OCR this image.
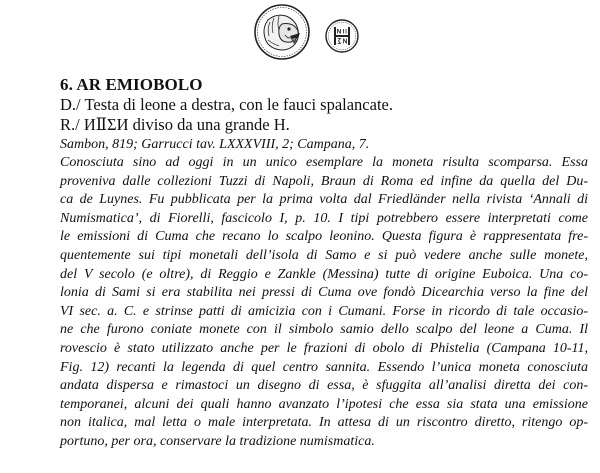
6. AR EMIOBOLO

D./ Testa di leone a destra, con le fauci spalancate.

R./ ИⅡΣИ diviso da una grande H.

Sambon, 819; Garrucci tav. LXXXVIII, 2; Campana, 7.

Conosciuta sino ad oggi in un unico esemplare la moneta risulta scomparsa. Essa

proveniva dalle collezioni Tuzzi di Napoli, Braun di Roma ed infine da quella del Du-

ca de Luynes. Fu pubblicata per la prima volta dal Friedländer nella rivista ‘Annali di

Numismatica’, di Fiorelli, fascicolo I, p. 10. I tipi potrebbero essere interpretati come

le emissioni di Cuma che recano lo scalpo leonino. Questa figura è rappresentata fre-

quentemente sui tipi monetali dell’isola di Samo e si può vedere anche sulle monete,

del V secolo (e oltre), di Reggio e Zankle (Messina) tutte di origine Euboica. Una co-

lonia di Sami si era stabilita nei pressi di Cuma ove fondò Dicearchia verso la fine del

VI sec. a. C. e strinse patti di amicizia con i Cumani. Forse in ricordo di tale occasio-

ne che furono coniate monete con il simbolo samio dello scalpo del leone a Cuma. Il

rovescio è stato utilizzato anche per le frazioni di obolo di Phistelia (Campana 10-11,

Fig. 12) recanti la legenda di quel centro sannita. Essendo l’unica moneta conosciuta

andata dispersa e rimastoci un disegno di essa, è sfuggita all’analisi diretta dei con-

temporanei, alcuni dei quali hanno avanzato l’ipotesi che essa sia stata una emissione

non italica, mal letta o male interpretata. In attesa di un riscontro diretto, ritengo op-

portuno, per ora, conservare la tradizione numismatica.
